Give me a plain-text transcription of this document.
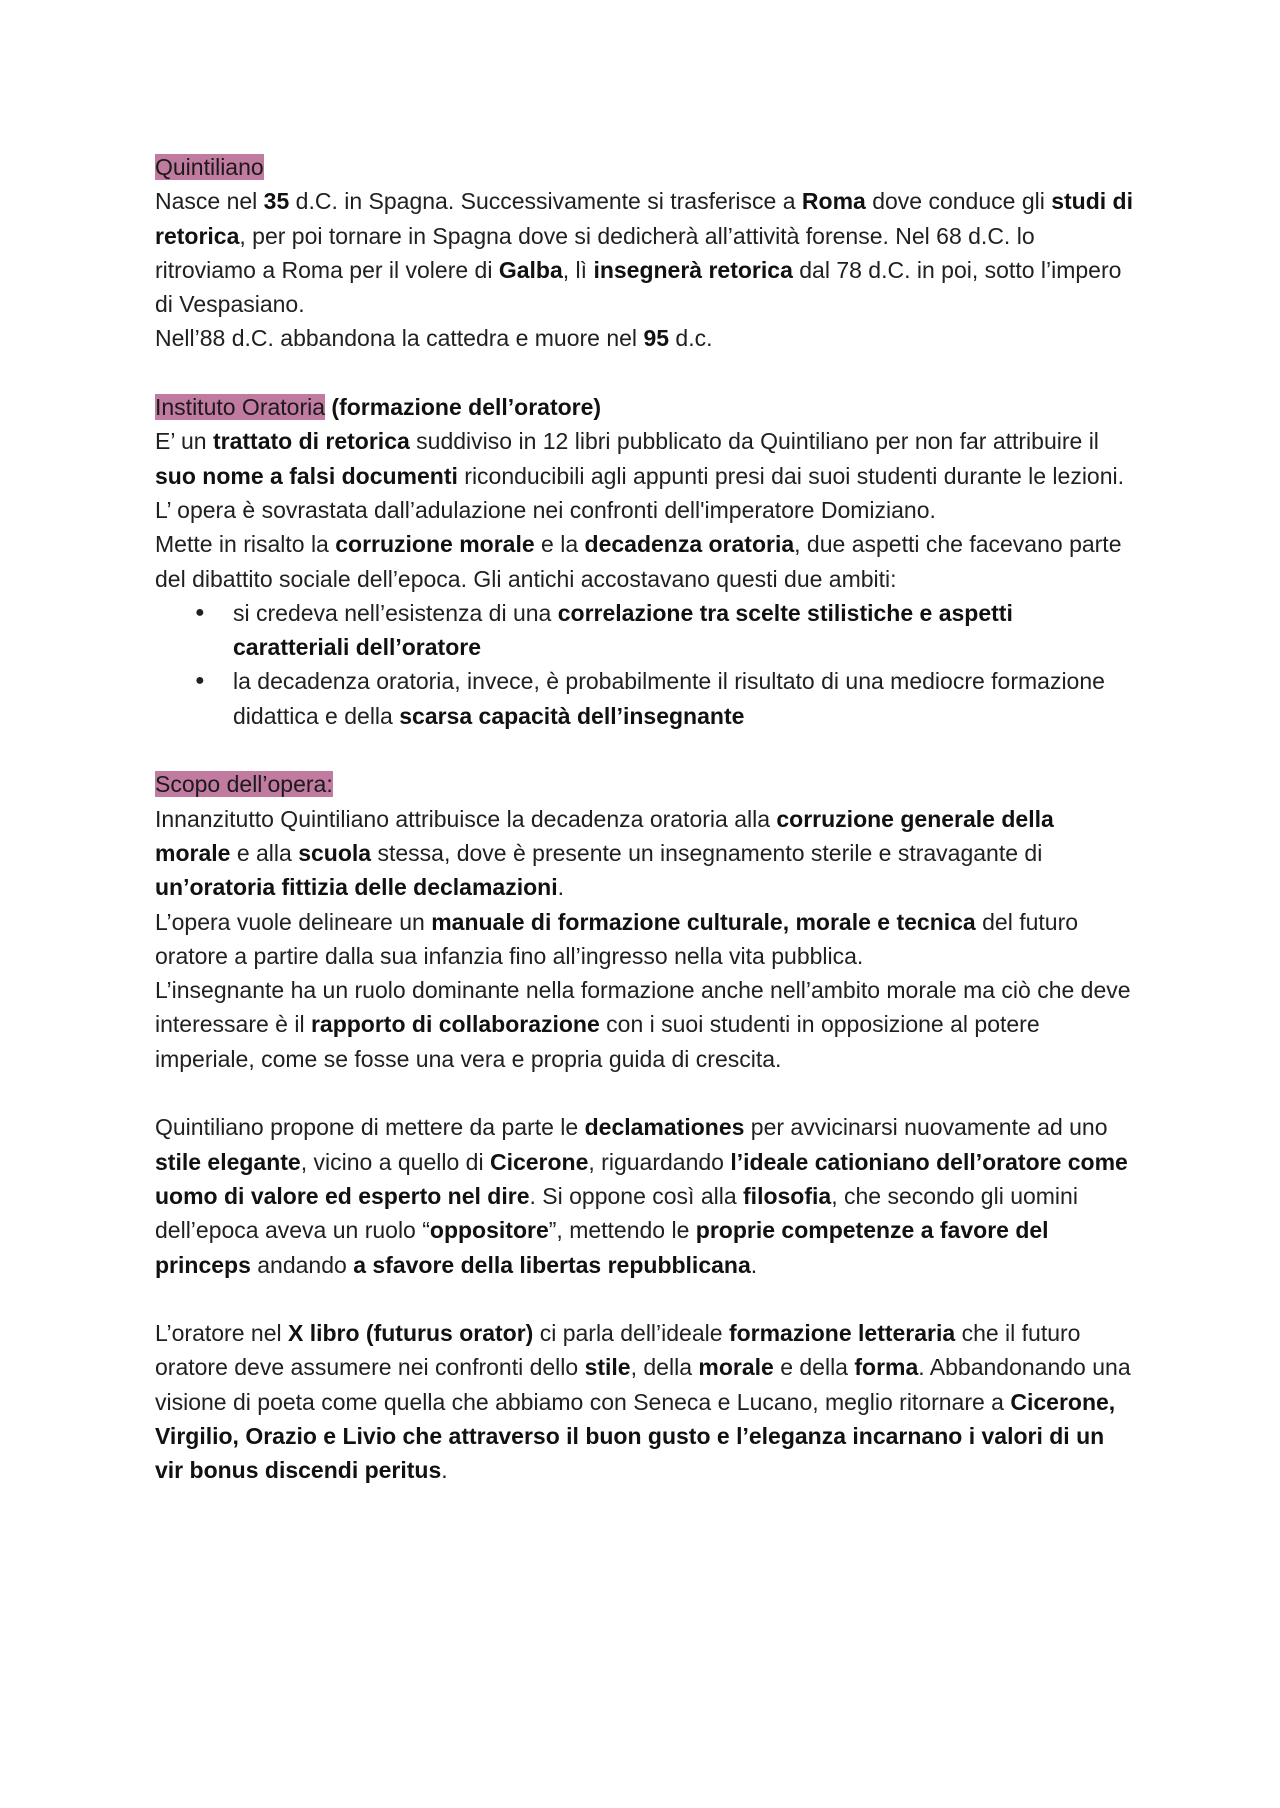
Quintiliano

Nasce nel 35 d.C. in Spagna. Successivamente si trasferisce a Roma dove conduce gli studi di retorica, per poi tornare in Spagna dove si dedicherà all’attività forense. Nel 68 d.C. lo ritroviamo a Roma per il volere di Galba, lì insegnerà retorica dal 78 d.C. in poi, sotto l’impero di Vespasiano.

Nell’88 d.C. abbandona la cattedra e muore nel 95 d.c.

Instituto Oratoria (formazione dell’oratore)

E’ un trattato di retorica suddiviso in 12 libri pubblicato da Quintiliano per non far attribuire il suo nome a falsi documenti riconducibili agli appunti presi dai suoi studenti durante le lezioni. L’ opera è sovrastata dall’adulazione nei confronti dell'imperatore Domiziano.

Mette in risalto la corruzione morale e la decadenza oratoria, due aspetti che facevano parte del dibattito sociale dell’epoca. Gli antichi accostavano questi due ambiti:

● si credeva nell’esistenza di una correlazione tra scelte stilistiche e aspetti caratteriali dell’oratore
● la decadenza oratoria, invece, è probabilmente il risultato di una mediocre formazione didattica e della scarsa capacità dell’insegnante

Scopo dell’opera:

Innanzitutto Quintiliano attribuisce la decadenza oratoria alla corruzione generale della morale e alla scuola stessa, dove è presente un insegnamento sterile e stravagante di un’oratoria fittizia delle declamazioni.

L’opera vuole delineare un manuale di formazione culturale, morale e tecnica del futuro oratore a partire dalla sua infanzia fino all’ingresso nella vita pubblica.

L’insegnante ha un ruolo dominante nella formazione anche nell’ambito morale ma ciò che deve interessare è il rapporto di collaborazione con i suoi studenti in opposizione al potere imperiale, come se fosse una vera e propria guida di crescita.

Quintiliano propone di mettere da parte le declamationes per avvicinarsi nuovamente ad uno stile elegante, vicino a quello di Cicerone, riguardando l’ideale cationiano dell’oratore come uomo di valore ed esperto nel dire. Si oppone così alla filosofia, che secondo gli uomini dell’epoca aveva un ruolo “oppositore”, mettendo le proprie competenze a favore del princeps andando a sfavore della libertas repubblicana.

L’oratore nel X libro (futurus orator) ci parla dell’ideale formazione letteraria che il futuro oratore deve assumere nei confronti dello stile, della morale e della forma. Abbandonando una visione di poeta come quella che abbiamo con Seneca e Lucano, meglio ritornare a Cicerone, Virgilio, Orazio e Livio che attraverso il buon gusto e l’eleganza incarnano i valori di un vir bonus discendi peritus.
